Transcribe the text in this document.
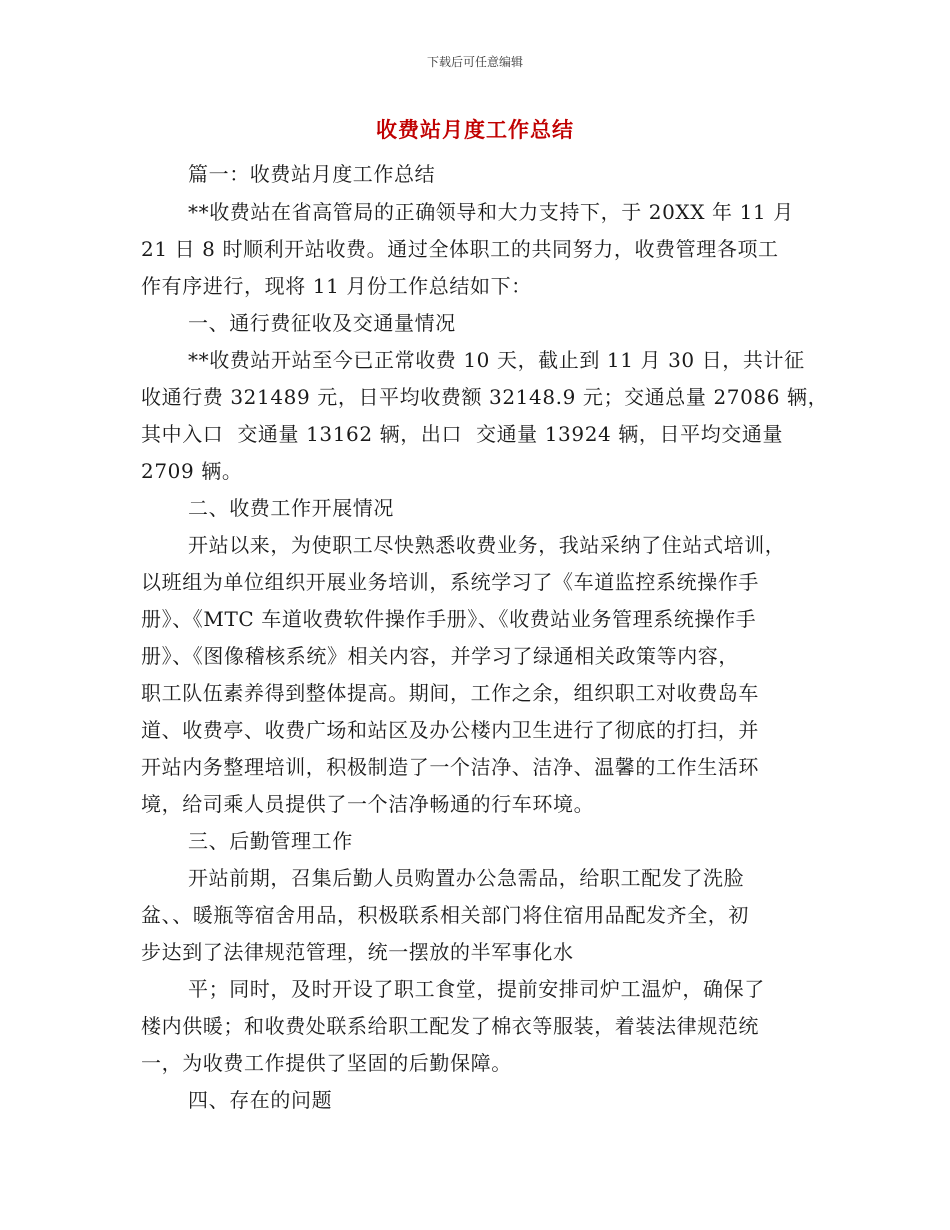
下载后可任意编辑
收费站月度工作总结
篇一：收费站月度工作总结
**收费站在省高管局的正确领导和大力支持下，于 20XX 年 11 月
21 日 8 时顺利开站收费。通过全体职工的共同努力，收费管理各项工
作有序进行，现将 11 月份工作总结如下：
一、通行费征收及交通量情况
**收费站开站至今已正常收费 10 天，截止到 11 月 30 日，共计征
收通行费 321489 元，日平均收费额 32148.9 元；交通总量 27086 辆，
其中入口  交通量 13162 辆，出口  交通量 13924 辆，日平均交通量
2709 辆。
二、收费工作开展情况
开站以来，为使职工尽快熟悉收费业务，我站采纳了住站式培训，
以班组为单位组织开展业务培训，系统学习了《车道监控系统操作手
册》、《MTC 车道收费软件操作手册》、《收费站业务管理系统操作手
册》、《图像稽核系统》相关内容，并学习了绿通相关政策等内容，
职工队伍素养得到整体提高。期间，工作之余，组织职工对收费岛车
道、收费亭、收费广场和站区及办公楼内卫生进行了彻底的打扫，并
开站内务整理培训，积极制造了一个洁净、洁净、温馨的工作生活环
境，给司乘人员提供了一个洁净畅通的行车环境。
三、后勤管理工作
开站前期，召集后勤人员购置办公急需品，给职工配发了洗脸
盆、、暖瓶等宿舍用品，积极联系相关部门将住宿用品配发齐全，初
步达到了法律规范管理，统一摆放的半军事化水
平；同时，及时开设了职工食堂，提前安排司炉工温炉，确保了
楼内供暖；和收费处联系给职工配发了棉衣等服装，着装法律规范统
一，为收费工作提供了坚固的后勤保障。
四、存在的问题
